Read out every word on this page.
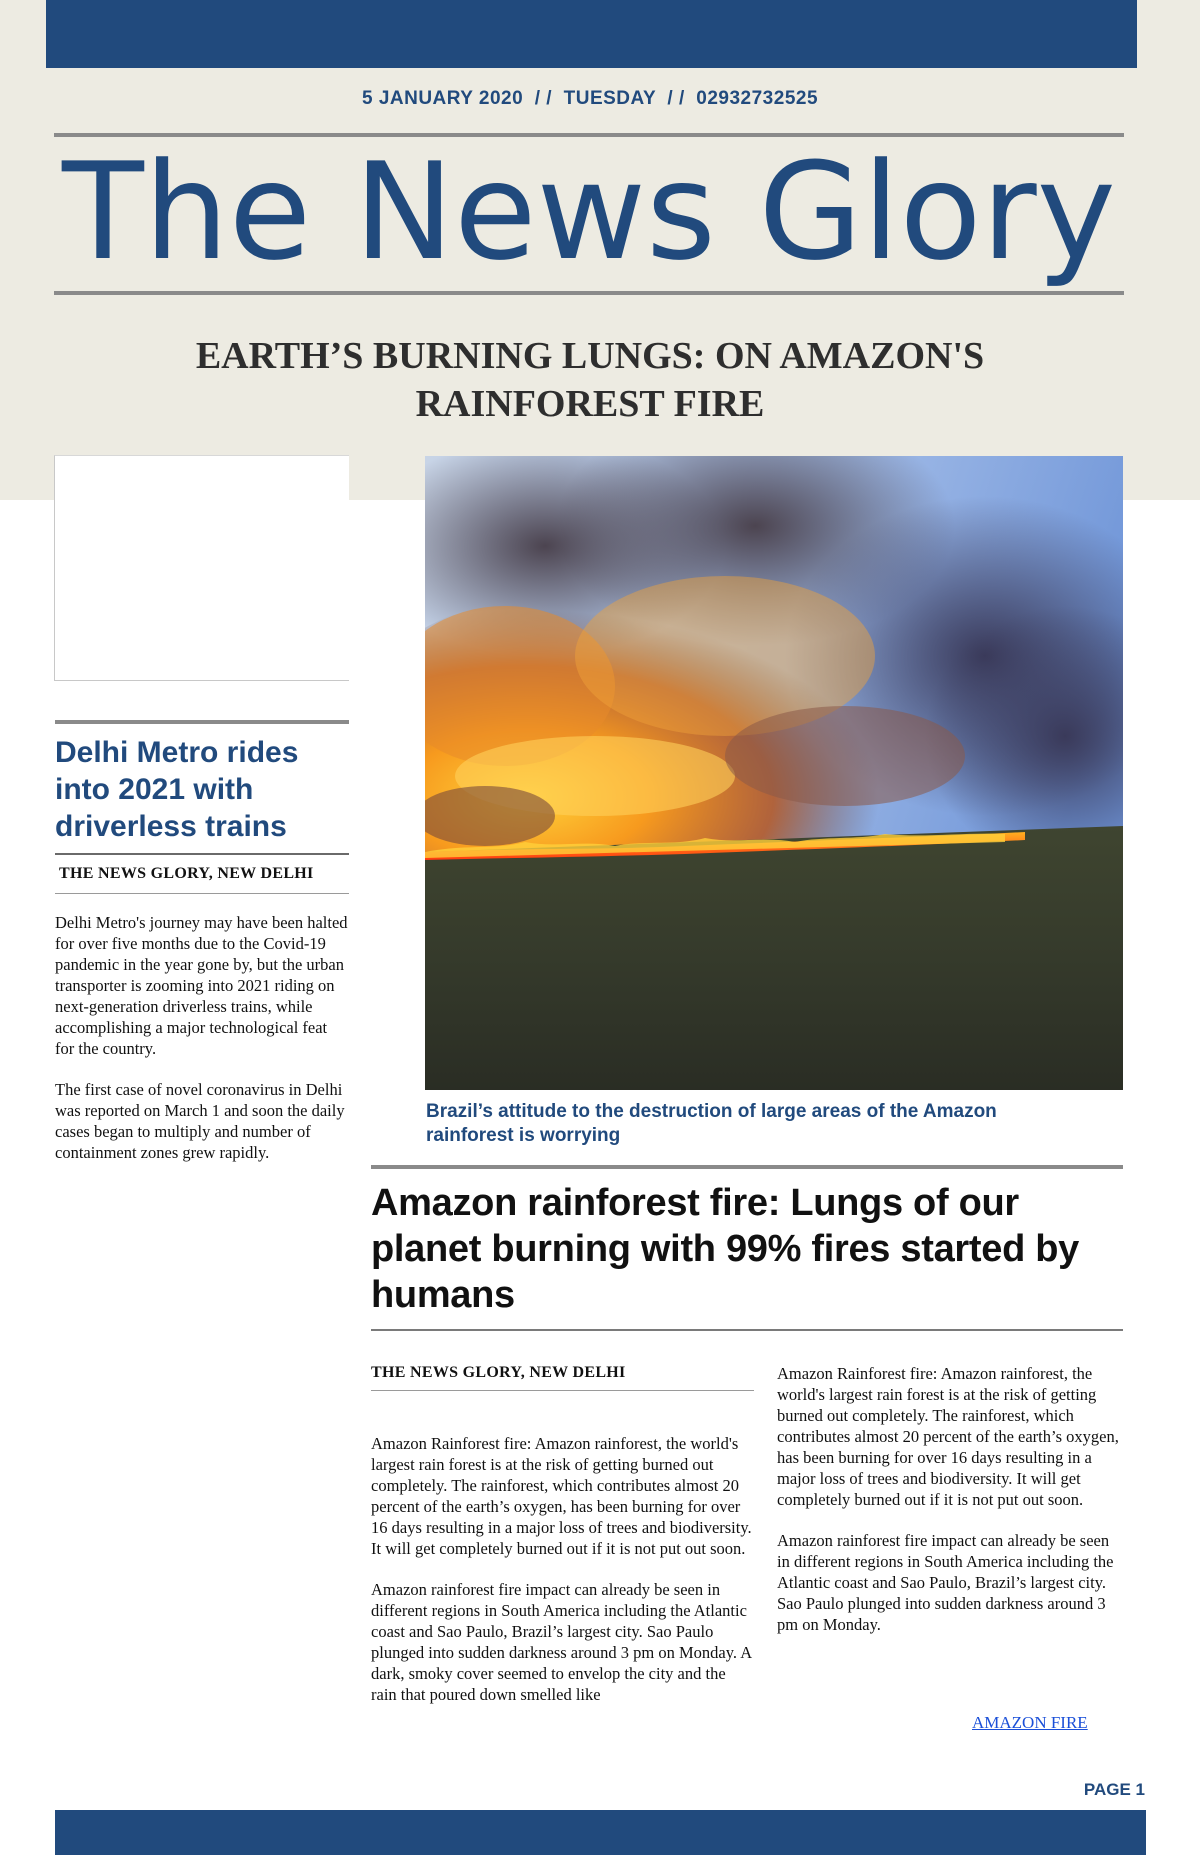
5 JANUARY 2020  / /  TUESDAY  / /  02932732525
The News Glory
EARTH’S BURNING LUNGS: ON AMAZON'S RAINFOREST FIRE
Brazil’s attitude to the destruction of large areas of the Amazon rainforest is worrying
Delhi Metro rides into 2021 with driverless trains
THE NEWS GLORY, NEW DELHI

Delhi Metro's journey may have been halted for over five months due to the Covid-19 pandemic in the year gone by, but the urban transporter is zooming into 2021 riding on next-generation driverless trains, while accomplishing a major technological feat for the country.

The first case of novel coronavirus in Delhi was reported on March 1 and soon the daily cases began to multiply and number of containment zones grew rapidly.

Amazon rainforest fire: Lungs of our planet burning with 99% fires started by humans
THE NEWS GLORY, NEW DELHI

Amazon Rainforest fire: Amazon rainforest, the world's largest rain forest is at the risk of getting burned out completely. The rainforest, which contributes almost 20 percent of the earth’s oxygen, has been burning for over 16 days resulting in a major loss of trees and biodiversity. It will get completely burned out if it is not put out soon.

Amazon rainforest fire impact can already be seen in different regions in South America including the Atlantic coast and Sao Paulo, Brazil’s largest city. Sao Paulo plunged into sudden darkness around 3 pm on Monday. A dark, smoky cover seemed to envelop the city and the rain that poured down smelled like

Amazon Rainforest fire: Amazon rainforest, the world's largest rain forest is at the risk of getting burned out completely. The rainforest, which contributes almost 20 percent of the earth’s oxygen, has been burning for over 16 days resulting in a major loss of trees and biodiversity. It will get completely burned out if it is not put out soon.

Amazon rainforest fire impact can already be seen in different regions in South America including the Atlantic coast and Sao Paulo, Brazil’s largest city. Sao Paulo plunged into sudden darkness around 3 pm on Monday.

AMAZON FIRE
PAGE 1
